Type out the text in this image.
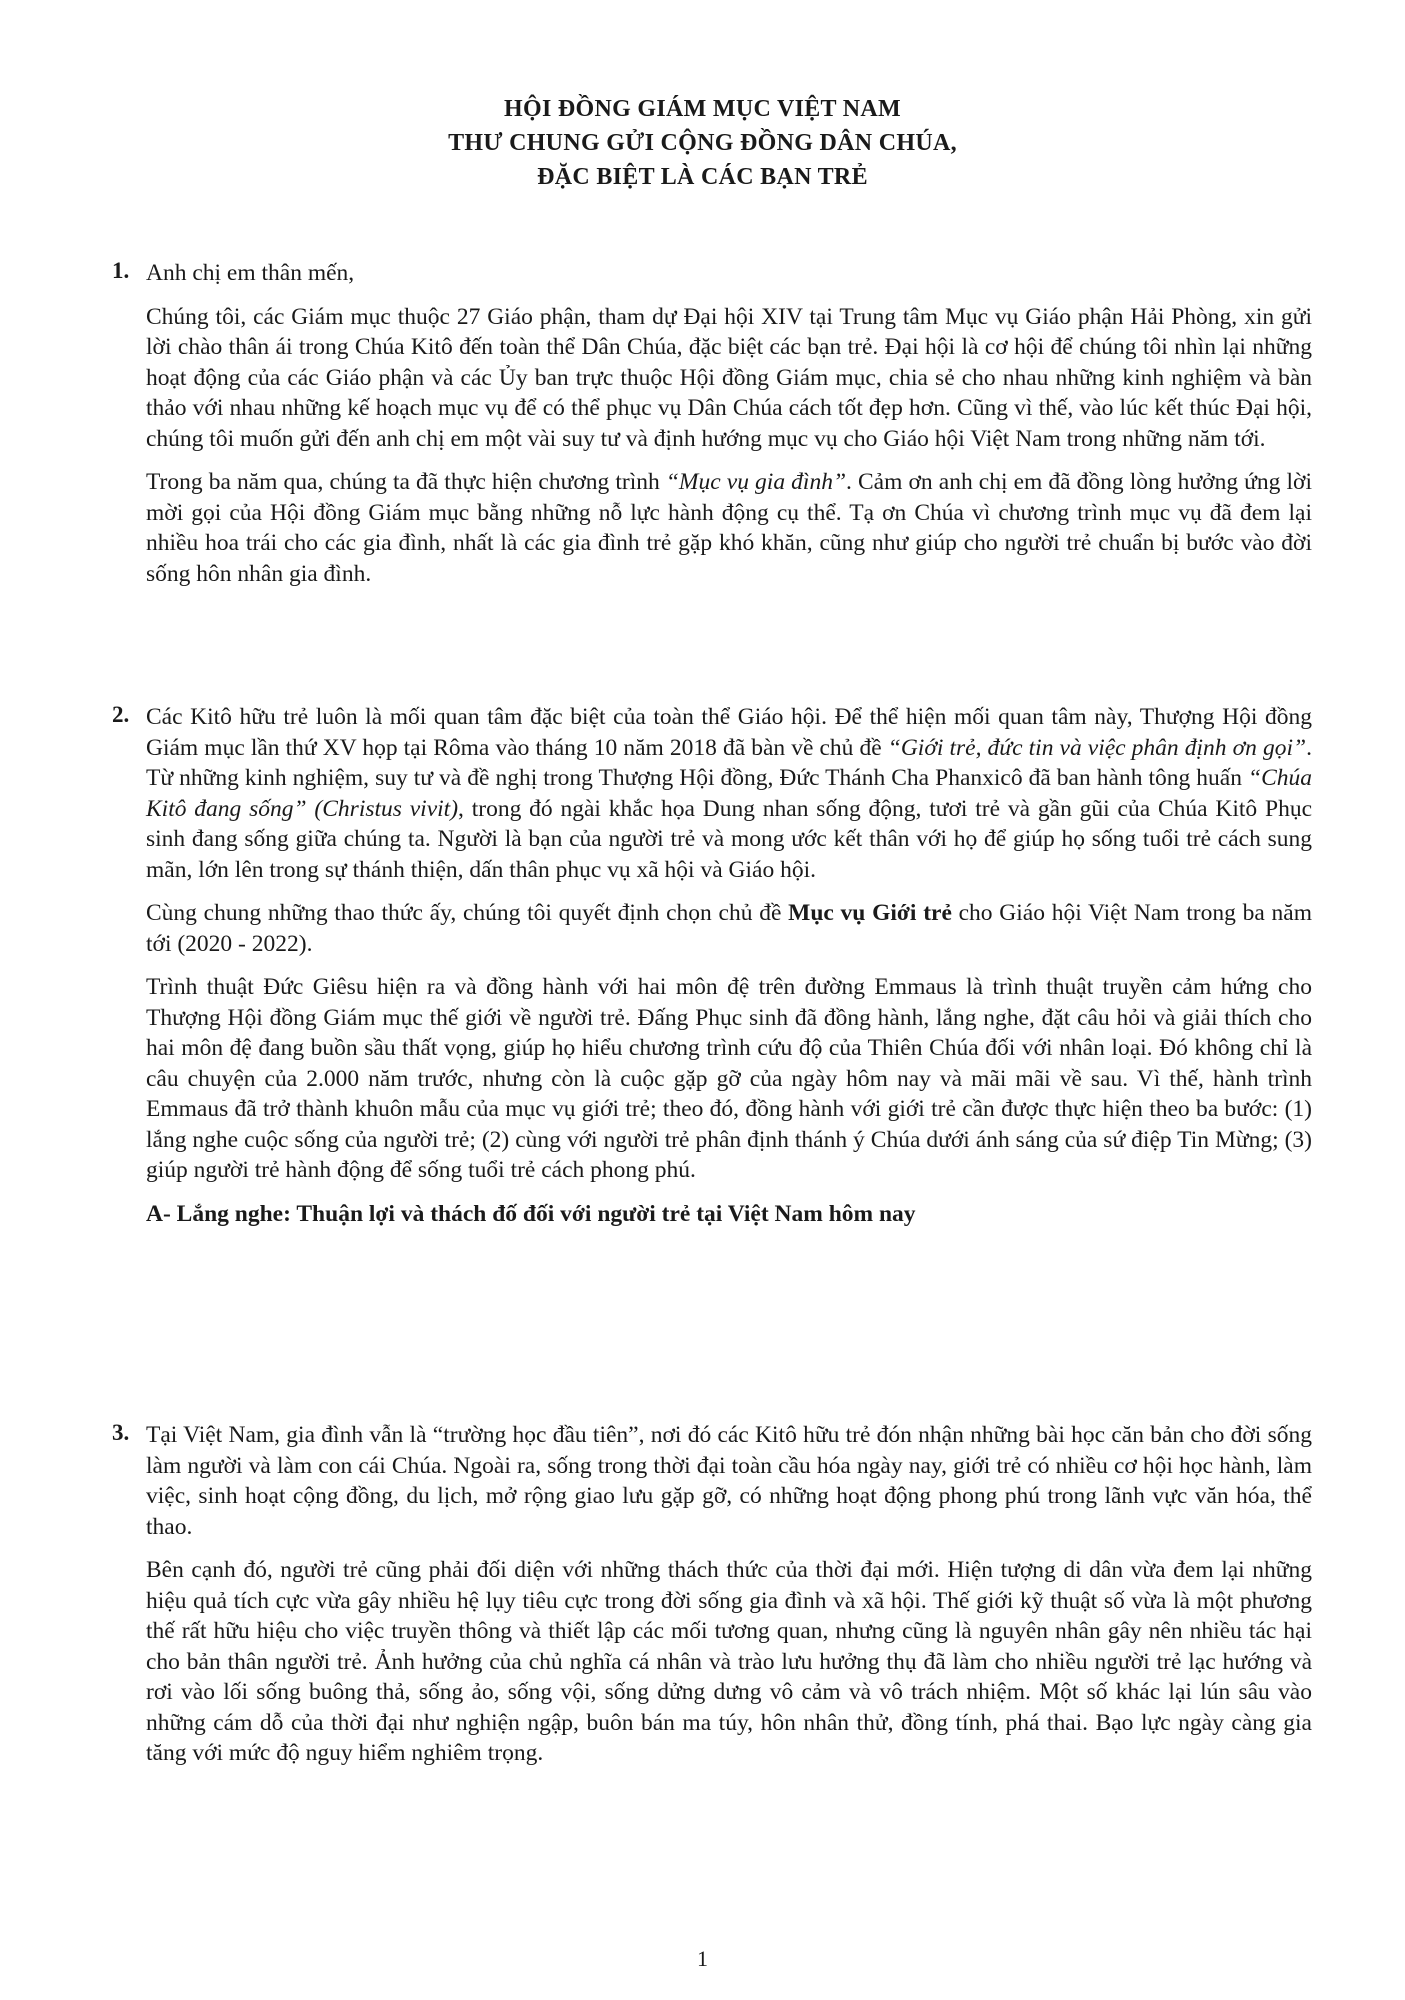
HỘI ĐỒNG GIÁM MỤC VIỆT NAM
THƯ CHUNG GỬI CỘNG ĐỒNG DÂN CHÚA,
ĐẶC BIỆT LÀ CÁC BẠN TRẺ
1. Anh chị em thân mến,

Chúng tôi, các Giám mục thuộc 27 Giáo phận, tham dự Đại hội XIV tại Trung tâm Mục vụ Giáo phận Hải Phòng, xin gửi lời chào thân ái trong Chúa Kitô đến toàn thể Dân Chúa, đặc biệt các bạn trẻ. Đại hội là cơ hội để chúng tôi nhìn lại những hoạt động của các Giáo phận và các Ủy ban trực thuộc Hội đồng Giám mục, chia sẻ cho nhau những kinh nghiệm và bàn thảo với nhau những kế hoạch mục vụ để có thể phục vụ Dân Chúa cách tốt đẹp hơn. Cũng vì thế, vào lúc kết thúc Đại hội, chúng tôi muốn gửi đến anh chị em một vài suy tư và định hướng mục vụ cho Giáo hội Việt Nam trong những năm tới.

Trong ba năm qua, chúng ta đã thực hiện chương trình “Mục vụ gia đình”. Cảm ơn anh chị em đã đồng lòng hưởng ứng lời mời gọi của Hội đồng Giám mục bằng những nỗ lực hành động cụ thể. Tạ ơn Chúa vì chương trình mục vụ đã đem lại nhiều hoa trái cho các gia đình, nhất là các gia đình trẻ gặp khó khăn, cũng như giúp cho người trẻ chuẩn bị bước vào đời sống hôn nhân gia đình.

2. Các Kitô hữu trẻ luôn là mối quan tâm đặc biệt của toàn thể Giáo hội. Để thể hiện mối quan tâm này, Thượng Hội đồng Giám mục lần thứ XV họp tại Rôma vào tháng 10 năm 2018 đã bàn về chủ đề “Giới trẻ, đức tin và việc phân định ơn gọi”. Từ những kinh nghiệm, suy tư và đề nghị trong Thượng Hội đồng, Đức Thánh Cha Phanxicô đã ban hành tông huấn “Chúa Kitô đang sống” (Christus vivit), trong đó ngài khắc họa Dung nhan sống động, tươi trẻ và gần gũi của Chúa Kitô Phục sinh đang sống giữa chúng ta. Người là bạn của người trẻ và mong ước kết thân với họ để giúp họ sống tuổi trẻ cách sung mãn, lớn lên trong sự thánh thiện, dấn thân phục vụ xã hội và Giáo hội.

Cùng chung những thao thức ấy, chúng tôi quyết định chọn chủ đề Mục vụ Giới trẻ cho Giáo hội Việt Nam trong ba năm tới (2020 - 2022).

Trình thuật Đức Giêsu hiện ra và đồng hành với hai môn đệ trên đường Emmaus là trình thuật truyền cảm hứng cho Thượng Hội đồng Giám mục thế giới về người trẻ. Đấng Phục sinh đã đồng hành, lắng nghe, đặt câu hỏi và giải thích cho hai môn đệ đang buồn sầu thất vọng, giúp họ hiểu chương trình cứu độ của Thiên Chúa đối với nhân loại. Đó không chỉ là câu chuyện của 2.000 năm trước, nhưng còn là cuộc gặp gỡ của ngày hôm nay và mãi mãi về sau. Vì thế, hành trình Emmaus đã trở thành khuôn mẫu của mục vụ giới trẻ; theo đó, đồng hành với giới trẻ cần được thực hiện theo ba bước: (1) lắng nghe cuộc sống của người trẻ; (2) cùng với người trẻ phân định thánh ý Chúa dưới ánh sáng của sứ điệp Tin Mừng; (3) giúp người trẻ hành động để sống tuổi trẻ cách phong phú.

A- Lắng nghe: Thuận lợi và thách đố đối với người trẻ tại Việt Nam hôm nay

3. Tại Việt Nam, gia đình vẫn là “trường học đầu tiên”, nơi đó các Kitô hữu trẻ đón nhận những bài học căn bản cho đời sống làm người và làm con cái Chúa. Ngoài ra, sống trong thời đại toàn cầu hóa ngày nay, giới trẻ có nhiều cơ hội học hành, làm việc, sinh hoạt cộng đồng, du lịch, mở rộng giao lưu gặp gỡ, có những hoạt động phong phú trong lãnh vực văn hóa, thể thao.

Bên cạnh đó, người trẻ cũng phải đối diện với những thách thức của thời đại mới. Hiện tượng di dân vừa đem lại những hiệu quả tích cực vừa gây nhiều hệ lụy tiêu cực trong đời sống gia đình và xã hội. Thế giới kỹ thuật số vừa là một phương thế rất hữu hiệu cho việc truyền thông và thiết lập các mối tương quan, nhưng cũng là nguyên nhân gây nên nhiều tác hại cho bản thân người trẻ. Ảnh hưởng của chủ nghĩa cá nhân và trào lưu hưởng thụ đã làm cho nhiều người trẻ lạc hướng và rơi vào lối sống buông thả, sống ảo, sống vội, sống dửng dưng vô cảm và vô trách nhiệm. Một số khác lại lún sâu vào những cám dỗ của thời đại như nghiện ngập, buôn bán ma túy, hôn nhân thử, đồng tính, phá thai. Bạo lực ngày càng gia tăng với mức độ nguy hiểm nghiêm trọng.

1
